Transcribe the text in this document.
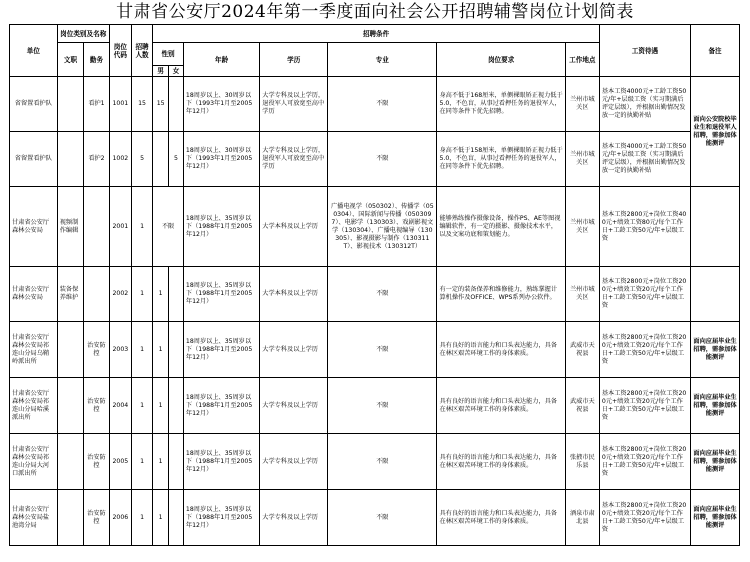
甘肃省公安厅2024年第一季度面向社会公开招聘辅警岗位计划简表
单位	岗位类别及名称		岗位代码	招聘人数	招聘条件							工资待遇	备注
	文职	勤务			性别		年龄	学历	专业	岗位要求	工作地点		
					男	女							
省留置看护队		看护1	1001	15	15		18周岁以上、30周岁以下（1993年1月至2005年12月）	大学专科及以上学历，退役军人可放宽至高中学历	不限	身高不低于168厘米，单侧裸眼矫正视力低于5.0，不色盲，从事过看押任务的退役军人，在同等条件下优先招聘。	兰州市城关区	基本工资4000元+工龄工资50元/年+层级工资（实习期满后评定层级），并根据出勤情况发放一定的执勤补贴	面向公安院校毕业生和退役军人招聘，需参加体能测评
省留置看护队		看护2	1002	5		5	18周岁以上、30周岁以下（1993年1月至2005年12月）	大学专科及以上学历，退役军人可放宽至高中学历	不限	身高不低于158厘米，单侧裸眼矫正视力低于5.0，不色盲，从事过看押任务的退役军人，在同等条件下优先招聘。	兰州市城关区	基本工资4000元+工龄工资50元/年+层级工资（实习期满后评定层级），并根据出勤情况发放一定的执勤补贴	
甘肃省公安厅森林公安局	视频制作编辑		2001	1	不限		18周岁以上、35周岁以下（1988年1月至2005年12月）	大学本科及以上学历	广播电视学（050302）、传播学（050304）、国际新闻与传播（0503097）、电影学（130303）、戏剧影视文学（130304）、广播电视编导（130305）、影视摄影与制作（130311T）、影视技术（130312T）	能够熟练操作摄像设备，操作PS、AE等图视编辑软件，有一定的摄影、摄像技术水平，以及文案功底和策划能力。	兰州市城关区	基本工资2800元+岗位工资400元+绩效工资80元/每个工作日+工龄工资50元/年+层级工资	
甘肃省公安厅森林公安局	装备保养维护		2002	1	1		18周岁以上、35周岁以下（1988年1月至2005年12月）	大学本科及以上学历	不限	有一定的装备保养和维修能力，熟练掌握计算机操作及OFFICE、WPS系列办公软件。	兰州市城关区	基本工资2800元+岗位工资200元+绩效工资20元/每个工作日+工龄工资50元/年+层级工资	
甘肃省公安厅森林公安局祁连山分局乌鞘岭派出所		治安防控	2003	1	1		18周岁以上、35周岁以下（1988年1月至2005年12月）	大学专科及以上学历	不限	具有良好的语言能力和口头表达能力，具备在林区艰苦环境工作的身体素质。	武威市天祝县	基本工资2800元+岗位工资200元+绩效工资20元/每个工作日+工龄工资50元/年+层级工资	面向应届毕业生招聘，需参加体能测评
甘肃省公安厅森林公安局祁连山分局哈溪派出所		治安防控	2004	1	1		18周岁以上、35周岁以下（1988年1月至2005年12月）	大学专科及以上学历	不限	具有良好的语言能力和口头表达能力，具备在林区艰苦环境工作的身体素质。	武威市天祝县	基本工资2800元+岗位工资200元+绩效工资20元/每个工作日+工龄工资50元/年+层级工资	面向应届毕业生招聘，需参加体能测评
甘肃省公安厅森林公安局祁连山分局大河口派出所		治安防控	2005	1	1		18周岁以上、35周岁以下（1988年1月至2005年12月）	大学专科及以上学历	不限	具有良好的语言能力和口头表达能力，具备在林区艰苦环境工作的身体素质。	张掖市民乐县	基本工资2800元+岗位工资200元+绩效工资20元/每个工作日+工龄工资50元/年+层级工资	面向应届毕业生招聘，需参加体能测评
甘肃省公安厅森林公安局盐池湾分局		治安防控	2006	1	1		18周岁以上、35周岁以下（1988年1月至2005年12月）	大学专科及以上学历	不限	具有良好的语言能力和口头表达能力，具备在林区艰苦环境工作的身体素质。	酒泉市肃北县	基本工资2800元+岗位工资200元+绩效工资20元/每个工作日+工龄工资50元/年+层级工资	面向应届毕业生招聘，需参加体能测评
